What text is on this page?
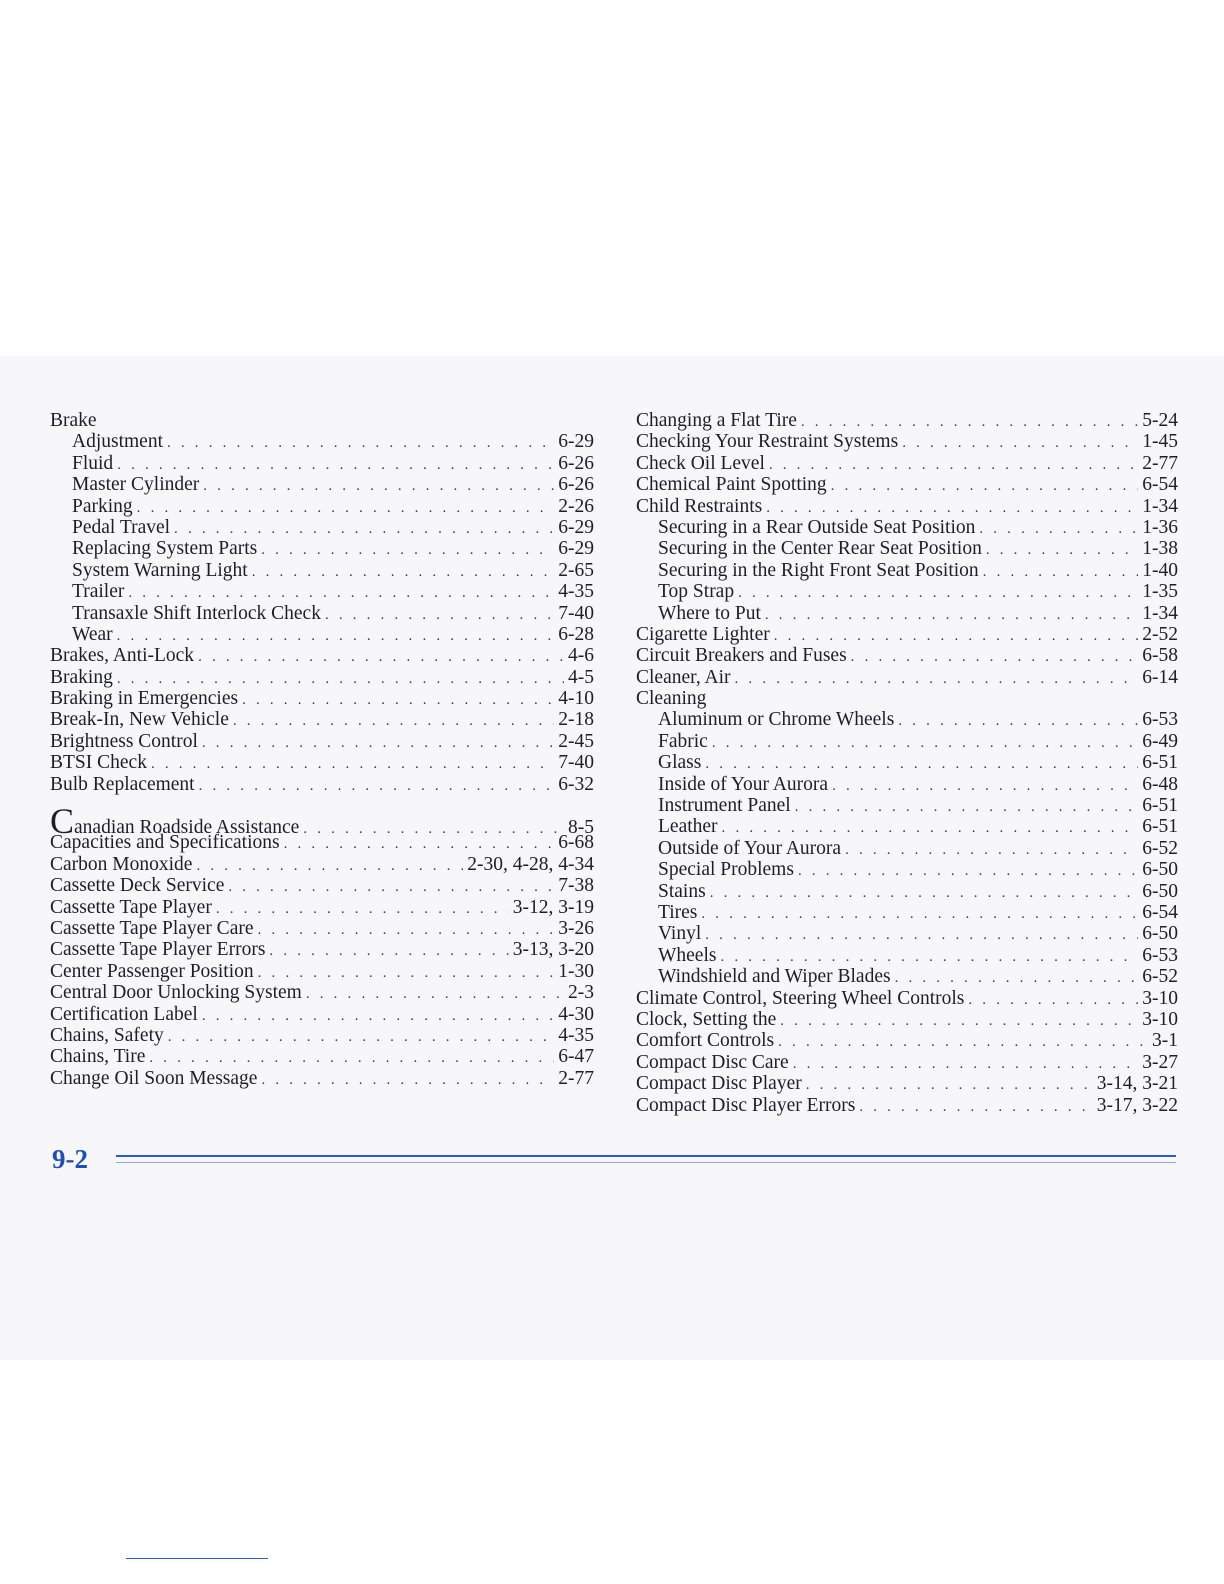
Brake
Adjustment . . .	6-29
Fluid . . .	6-26
Master Cylinder . . .	6-26
Parking . . .	2-26
Pedal Travel . . .	6-29
Replacing System Parts . . .	6-29
System Warning Light . . .	2-65
Trailer . . .	4-35
Transaxle Shift Interlock Check . . .	7-40
Wear . . .	6-28
Brakes, Anti-Lock . . .	4-6
Braking . . .	4-5
Braking in Emergencies . . .	4-10
Break-In, New Vehicle . . .	2-18
Brightness Control . . .	2-45
BTSI Check . . .	7-40
Bulb Replacement . . .	6-32
Canadian Roadside Assistance . . .	8-5
Capacities and Specifications . . .	6-68
Carbon Monoxide . . .	2-30, 4-28, 4-34
Cassette Deck Service . . .	7-38
Cassette Tape Player . . .	3-12, 3-19
Cassette Tape Player Care . . .	3-26
Cassette Tape Player Errors . . .	3-13, 3-20
Center Passenger Position . . .	1-30
Central Door Unlocking System . . .	2-3
Certification Label . . .	4-30
Chains, Safety . . .	4-35
Chains, Tire . . .	6-47
Change Oil Soon Message . . .	2-77
Changing a Flat Tire . . .	5-24
Checking Your Restraint Systems . . .	1-45
Check Oil Level . . .	2-77
Chemical Paint Spotting . . .	6-54
Child Restraints . . .	1-34
Securing in a Rear Outside Seat Position . . .	1-36
Securing in the Center Rear Seat Position . . .	1-38
Securing in the Right Front Seat Position . . .	1-40
Top Strap . . .	1-35
Where to Put . . .	1-34
Cigarette Lighter . . .	2-52
Circuit Breakers and Fuses . . .	6-58
Cleaner, Air . . .	6-14
Cleaning
Aluminum or Chrome Wheels . . .	6-53
Fabric . . .	6-49
Glass . . .	6-51
Inside of Your Aurora . . .	6-48
Instrument Panel . . .	6-51
Leather . . .	6-51
Outside of Your Aurora . . .	6-52
Special Problems . . .	6-50
Stains . . .	6-50
Tires . . .	6-54
Vinyl . . .	6-50
Wheels . . .	6-53
Windshield and Wiper Blades . . .	6-52
Climate Control, Steering Wheel Controls . . .	3-10
Clock, Setting the . . .	3-10
Comfort Controls . . .	3-1
Compact Disc Care . . .	3-27
Compact Disc Player . . .	3-14, 3-21
Compact Disc Player Errors . . .	3-17, 3-22
9-2
